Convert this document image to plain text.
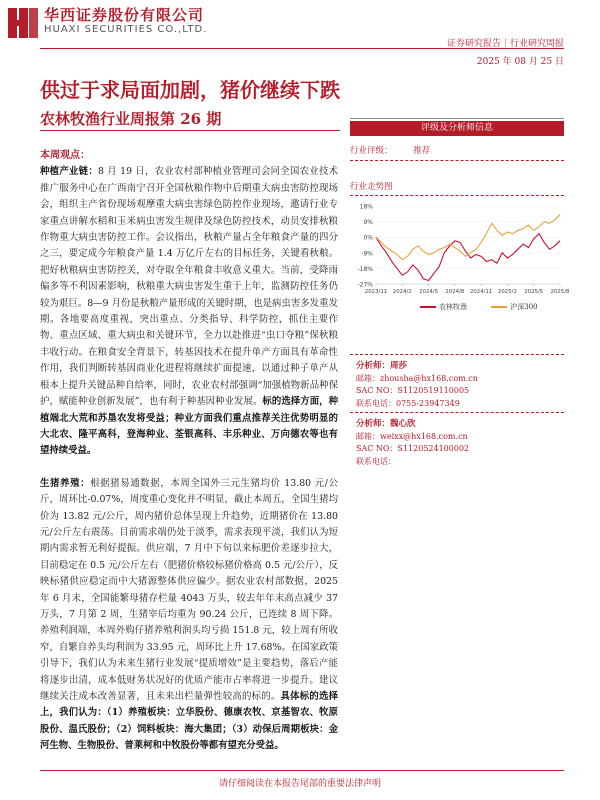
华西证券股份有限公司
HUAXI SECURITIES CO.,LTD.
证券研究报告｜行业研究周报
2025 年 08 月 25 日
供过于求局面加剧，猪价继续下跌
农林牧渔行业周报第 26 期	评级及分析师信息
行业评级： 推荐
行业走势图
18%
9%
0%
-9%
-18%
-27%
2023/11 2024/2 2024/5 2024/8 2024/11 2025/2 2025/5 2025/8
农林牧渔	沪深300
分析师：周莎
邮箱：zhousha@hx168.com.cn
SAC NO：S1120519110005
联系电话：0755-23947349
分析师：魏心欣
邮箱：weixx@hx168.com.cn
SAC NO：S1120524100002
联系电话：
本周观点：

种植产业链：8 月 19 日，农业农村部种植业管理司会同全国农业技术推广服务中心在广西南宁召开全国秋粮作物中后期重大病虫害防控现场会，组织主产省份现场观摩重大病虫害绿色防控作业现场，邀请行业专家重点讲解水稻和玉米病虫害发生规律及绿色防控技术，动员安排秋粮作物重大病虫害防控工作。会议指出，秋粮产量占全年粮食产量的四分之三，要定成今年粮食产量 1.4 万亿斤左右的目标任务，关键看秋粮。把好秋粮病虫害防控关，对夺取全年粮食丰收意义重大。当前，受降雨偏多等不利因素影响，秋粮重大病虫害发生重于上年，监测防控任务仍较为艰巨。8—9 月份是秋粮产量形成的关键时期，也是病虫害多发重发期。各地要高度重视，突出重点、分类指导、科学防控，抓住主要作物、重点区域、重大病虫和关键环节，全力以赴推进“虫口夺粮”保秋粮丰收行动。在粮食安全背景下，转基因技术在提升单产方面具有革命性作用，我们判断转基因商业化进程将继续扩面提速，以通过种子单产从根本上提升关键品种自给率，同时，农业农村部强调“加强植物新品种保护，赋能种业创新发展”，也有利于种基因种业发展。标的选择方面，种植端北大荒和苏垦农发将受益；种业方面我们重点推荐关注优势明显的大北农、隆平高科，登海种业、荃银高科、丰乐种业、万向德农等也有望持续受益。

生猪养殖：根据猪易通数据，本周全国外三元生猪均价 13.80 元/公斤，周环比-0.07%，周度重心变化并不明显，截止本周五，全国生猪均价为 13.82 元/公斤，周内猪价总体呈现上升趋势，近期猪价在 13.80 元/公斤左右震荡。目前需求端仍处于淡季，需求表现平淡，我们认为短期内需求暂无利好提振。供应端，7 月中下旬以来标肥价差逐步拉大，目前稳定在 0.5 元/公斤左右（肥猪价格较标猪价格高 0.5 元/公斤），反映标猪供应稳定而中大猪源整体供应偏少。据农业农村部数据，2025 年 6 月末，全国能繁母猪存栏量 4043 万头，较去年年末高点减少 37 万头，7 月第 2 周，生猪宰后均重为 90.24 公斤，已连续 8 周下降。养殖利润端，本周外购仔猪养殖利润头均亏损 151.8 元，较上周有所收窄，自繁自养头均利润为 33.95 元，周环比上升 17.68%。在国家政策引导下，我们认为未来生猪行业发展“提质增效”是主要趋势，落后产能将逐步出清，成本低财务状况好的优质产能市占率将进一步提升。建议继续关注成本改善显著，且未来出栏量弹性较高的标的。具体标的选择上，我们认为：（1）养殖板块：立华股份、德康农牧、京基智农、牧原股份、温氏股份；（2）饲料板块：海大集团；（3）动保后周期板块：金河生物、生物股份、普莱柯和中牧股份等都有望充分受益。

请仔细阅读在本报告尾部的重要法律声明
